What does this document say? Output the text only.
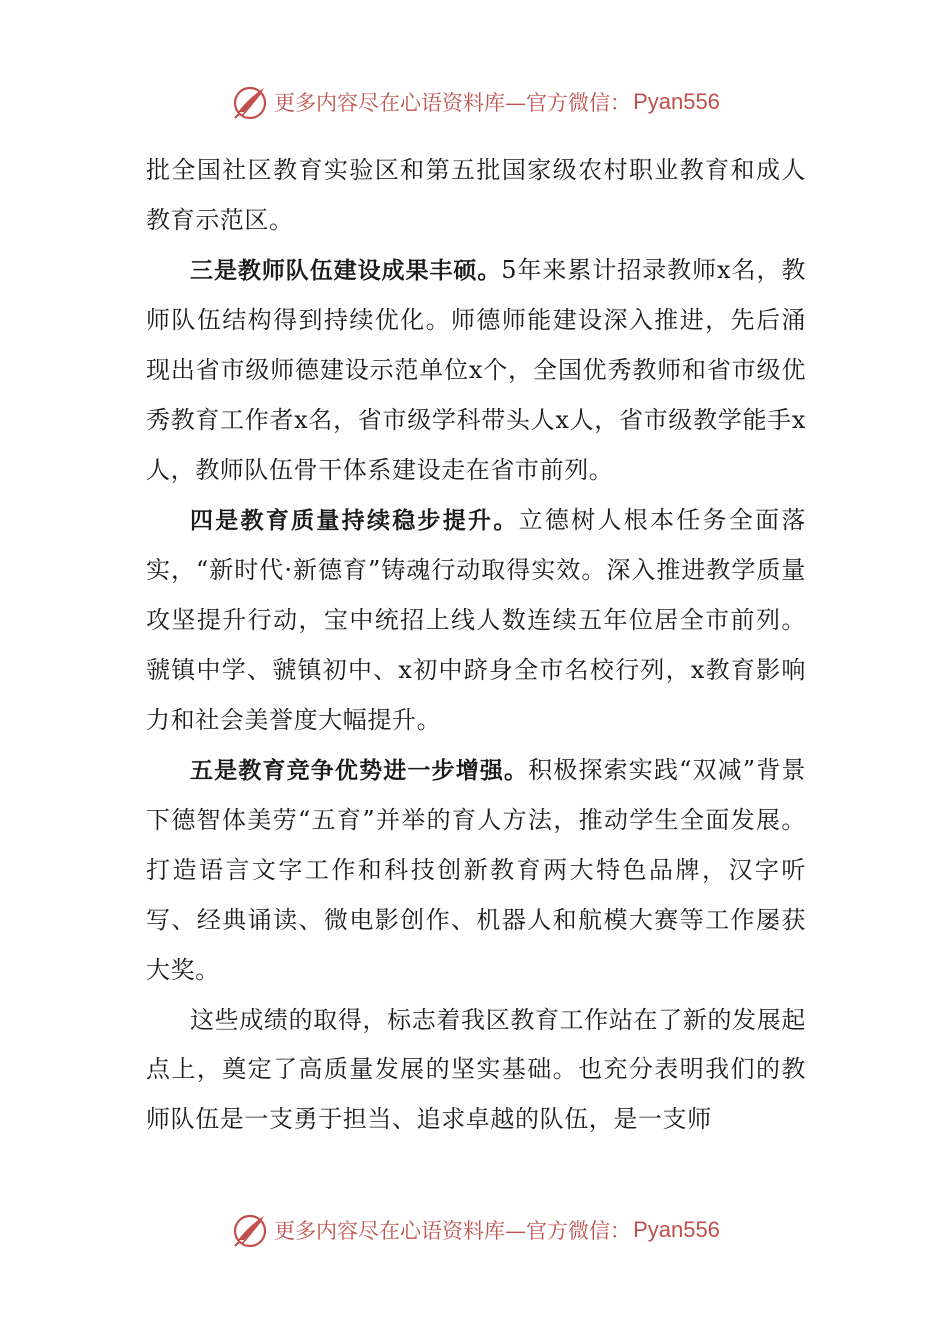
更多内容尽在心语资料库—官方微信： Pyan556

批全国社区教育实验区和第五批国家级农村职业教育和成人教育示范区。

三是教师队伍建设成果丰硕。5年来累计招录教师x名，教师队伍结构得到持续优化。师德师能建设深入推进，先后涌现出省市级师德建设示范单位x个，全国优秀教师和省市级优秀教育工作者x名，省市级学科带头人x人，省市级教学能手x人，教师队伍骨干体系建设走在省市前列。

四是教育质量持续稳步提升。立德树人根本任务全面落实，“新时代·新德育”铸魂行动取得实效。深入推进教学质量攻坚提升行动，宝中统招上线人数连续五年位居全市前列。虢镇中学、虢镇初中、x初中跻身全市名校行列，x教育影响力和社会美誉度大幅提升。

五是教育竞争优势进一步增强。积极探索实践“双减”背景下德智体美劳“五育”并举的育人方法，推动学生全面发展。打造语言文字工作和科技创新教育两大特色品牌，汉字听写、经典诵读、微电影创作、机器人和航模大赛等工作屡获大奖。

这些成绩的取得，标志着我区教育工作站在了新的发展起点上，奠定了高质量发展的坚实基础。也充分表明我们的教师队伍是一支勇于担当、追求卓越的队伍，是一支师

更多内容尽在心语资料库—官方微信： Pyan556
